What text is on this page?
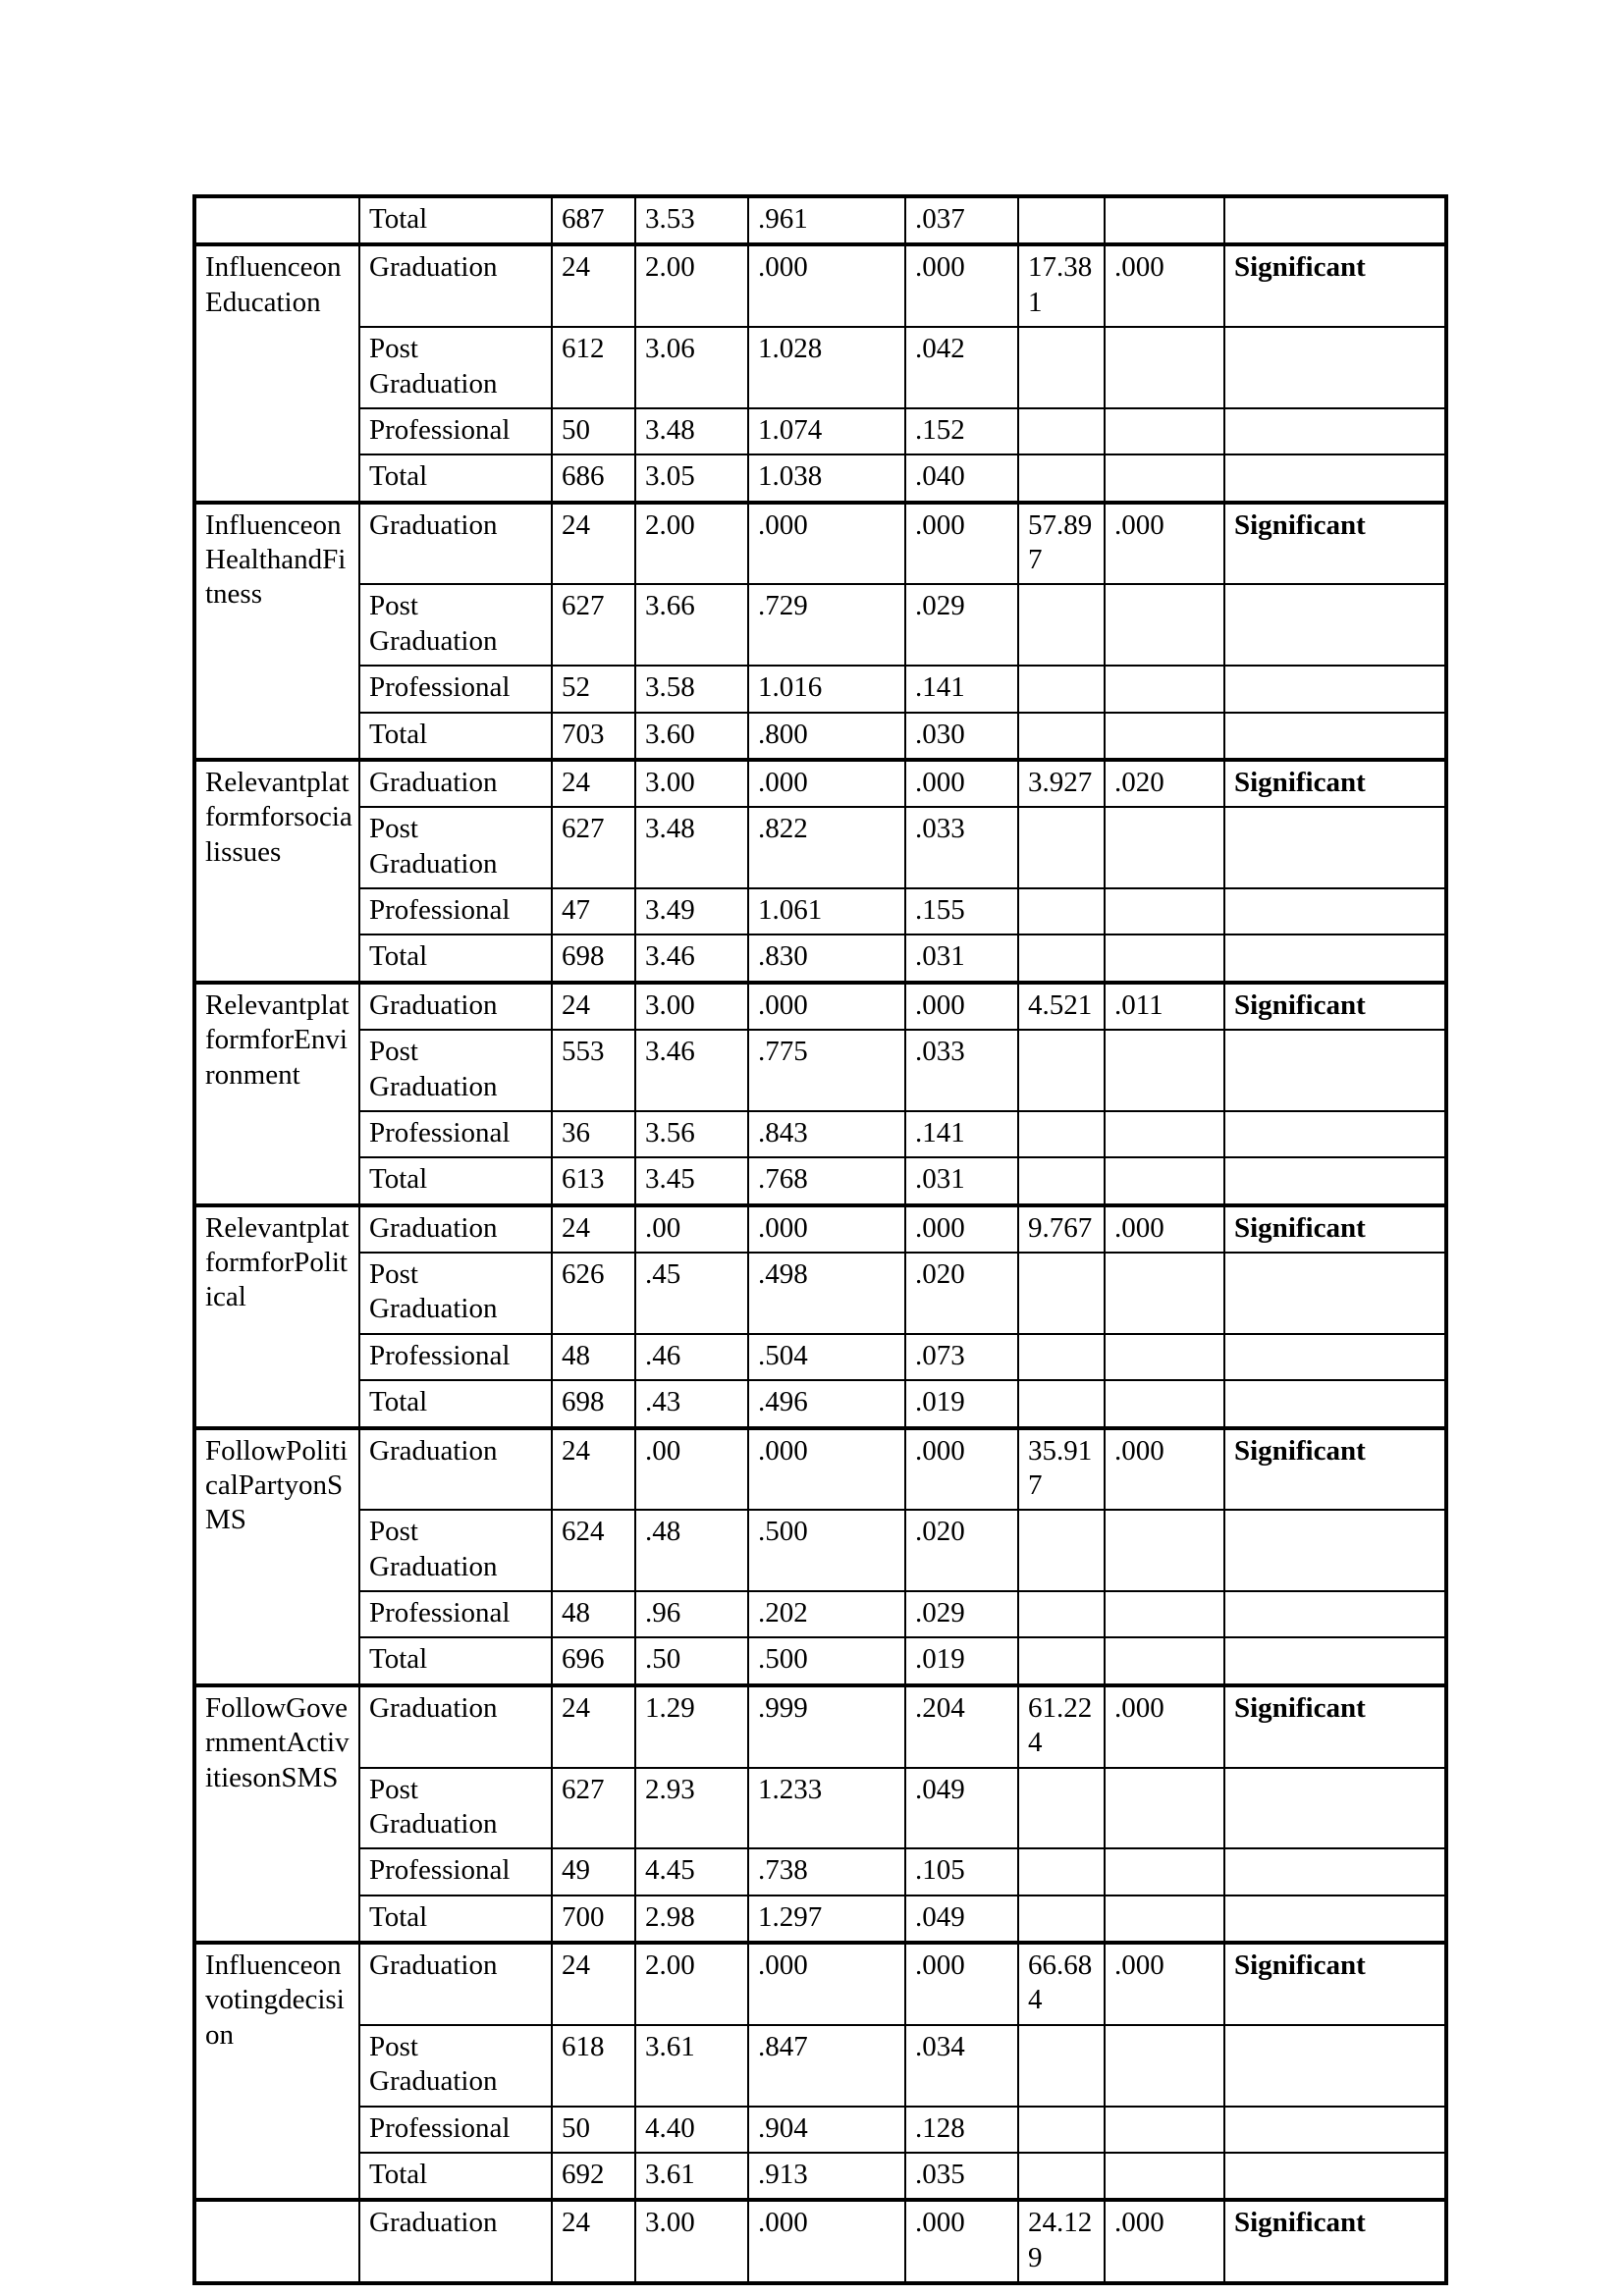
	Total	687	3.53	.961	.037			
InfluenceonEducation	Graduation	24	2.00	.000	.000	17.381	.000	Significant
	Post Graduation	612	3.06	1.028	.042			
	Professional	50	3.48	1.074	.152			
	Total	686	3.05	1.038	.040			
InfluenceonHealthandFitness	Graduation	24	2.00	.000	.000	57.897	.000	Significant
	Post Graduation	627	3.66	.729	.029			
	Professional	52	3.58	1.016	.141			
	Total	703	3.60	.800	.030			
Relevantplatformforsocialissues	Graduation	24	3.00	.000	.000	3.927	.020	Significant
	Post Graduation	627	3.48	.822	.033			
	Professional	47	3.49	1.061	.155			
	Total	698	3.46	.830	.031			
RelevantplatformforEnvironment	Graduation	24	3.00	.000	.000	4.521	.011	Significant
	Post Graduation	553	3.46	.775	.033			
	Professional	36	3.56	.843	.141			
	Total	613	3.45	.768	.031			
RelevantplatformforPolitical	Graduation	24	.00	.000	.000	9.767	.000	Significant
	Post Graduation	626	.45	.498	.020			
	Professional	48	.46	.504	.073			
	Total	698	.43	.496	.019			
FollowPoliticalPartyonSMS	Graduation	24	.00	.000	.000	35.917	.000	Significant
	Post Graduation	624	.48	.500	.020			
	Professional	48	.96	.202	.029			
	Total	696	.50	.500	.019			
FollowGovernmentActivitiesonSMS	Graduation	24	1.29	.999	.204	61.224	.000	Significant
	Post Graduation	627	2.93	1.233	.049			
	Professional	49	4.45	.738	.105			
	Total	700	2.98	1.297	.049			
Influenceonvotingdecision	Graduation	24	2.00	.000	.000	66.684	.000	Significant
	Post Graduation	618	3.61	.847	.034			
	Professional	50	4.40	.904	.128			
	Total	692	3.61	.913	.035			
	Graduation	24	3.00	.000	.000	24.129	.000	Significant
